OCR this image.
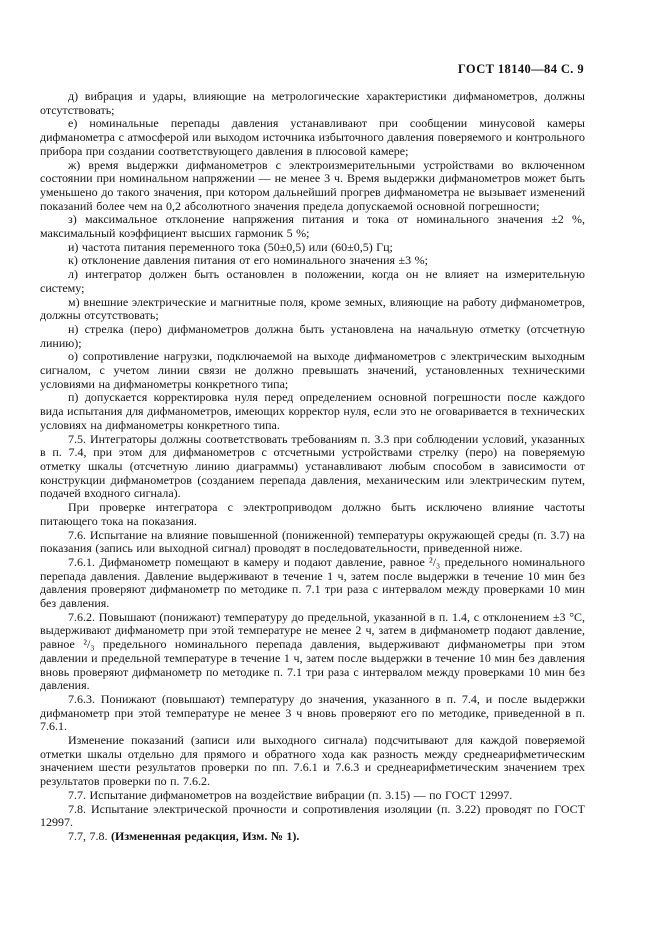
ГОСТ 18140—84 С. 9

д) вибрация и удары, влияющие на метрологические характеристики дифманометров, должны отсутствовать;

е) номинальные перепады давления устанавливают при сообщении минусовой камеры дифманометра с атмосферой или выходом источника избыточного давления поверяемого и контрольного прибора при создании соответствующего давления в плюсовой камере;

ж) время выдержки дифманометров с электроизмерительными устройствами во включенном состоянии при номинальном напряжении — не менее 3 ч. Время выдержки дифманометров может быть уменьшено до такого значения, при котором дальнейший прогрев дифманометра не вызывает изменений показаний более чем на 0,2 абсолютного значения предела допускаемой основной погрешности;

з) максимальное отклонение напряжения питания и тока от номинального значения ±2 %, максимальный коэффициент высших гармоник 5 %;

и) частота питания переменного тока (50±0,5) или (60±0,5) Гц;

к) отклонение давления питания от его номинального значения ±3 %;

л) интегратор должен быть остановлен в положении, когда он не влияет на измерительную систему;

м) внешние электрические и магнитные поля, кроме земных, влияющие на работу дифманометров, должны отсутствовать;

н) стрелка (перо) дифманометров должна быть установлена на начальную отметку (отсчетную линию);

о) сопротивление нагрузки, подключаемой на выходе дифманометров с электрическим выходным сигналом, с учетом линии связи не должно превышать значений, установленных техническими условиями на дифманометры конкретного типа;

п) допускается корректировка нуля перед определением основной погрешности после каждого вида испытания для дифманометров, имеющих корректор нуля, если это не оговаривается в технических условиях на дифманометры конкретного типа.

7.5. Интеграторы должны соответствовать требованиям п. 3.3 при соблюдении условий, указанных в п. 7.4, при этом для дифманометров с отсчетными устройствами стрелку (перо) на поверяемую отметку шкалы (отсчетную линию диаграммы) устанавливают любым способом в зависимости от конструкции дифманометров (созданием перепада давления, механическим или электрическим путем, подачей входного сигнала).

При проверке интегратора с электроприводом должно быть исключено влияние частоты питающего тока на показания.

7.6. Испытание на влияние повышенной (пониженной) температуры окружающей среды (п. 3.7) на показания (запись или выходной сигнал) проводят в последовательности, приведенной ниже.

7.6.1. Дифманометр помещают в камеру и подают давление, равное ²/₃ предельного номинального перепада давления. Давление выдерживают в течение 1 ч, затем после выдержки в течение 10 мин без давления проверяют дифманометр по методике п. 7.1 три раза с интервалом между проверками 10 мин без давления.

7.6.2. Повышают (понижают) температуру до предельной, указанной в п. 1.4, с отклонением ±3 °С, выдерживают дифманометр при этой температуре не менее 2 ч, затем в дифманометр подают давление, равное ²/₃ предельного номинального перепада давления, выдерживают дифманометры при этом давлении и предельной температуре в течение 1 ч, затем после выдержки в течение 10 мин без давления вновь проверяют дифманометр по методике п. 7.1 три раза с интервалом между проверками 10 мин без давления.

7.6.3. Понижают (повышают) температуру до значения, указанного в п. 7.4, и после выдержки дифманометр при этой температуре не менее 3 ч вновь проверяют его по методике, приведенной в п. 7.6.1.

Изменение показаний (записи или выходного сигнала) подсчитывают для каждой поверяемой отметки шкалы отдельно для прямого и обратного хода как разность между среднеарифметическим значением шести результатов проверки по пп. 7.6.1 и 7.6.3 и среднеарифметическим значением трех результатов проверки по п. 7.6.2.

7.7. Испытание дифманометров на воздействие вибрации (п. 3.15) — по ГОСТ 12997.

7.8. Испытание электрической прочности и сопротивления изоляции (п. 3.22) проводят по ГОСТ 12997.

7.7, 7.8. (Измененная редакция, Изм. № 1).
